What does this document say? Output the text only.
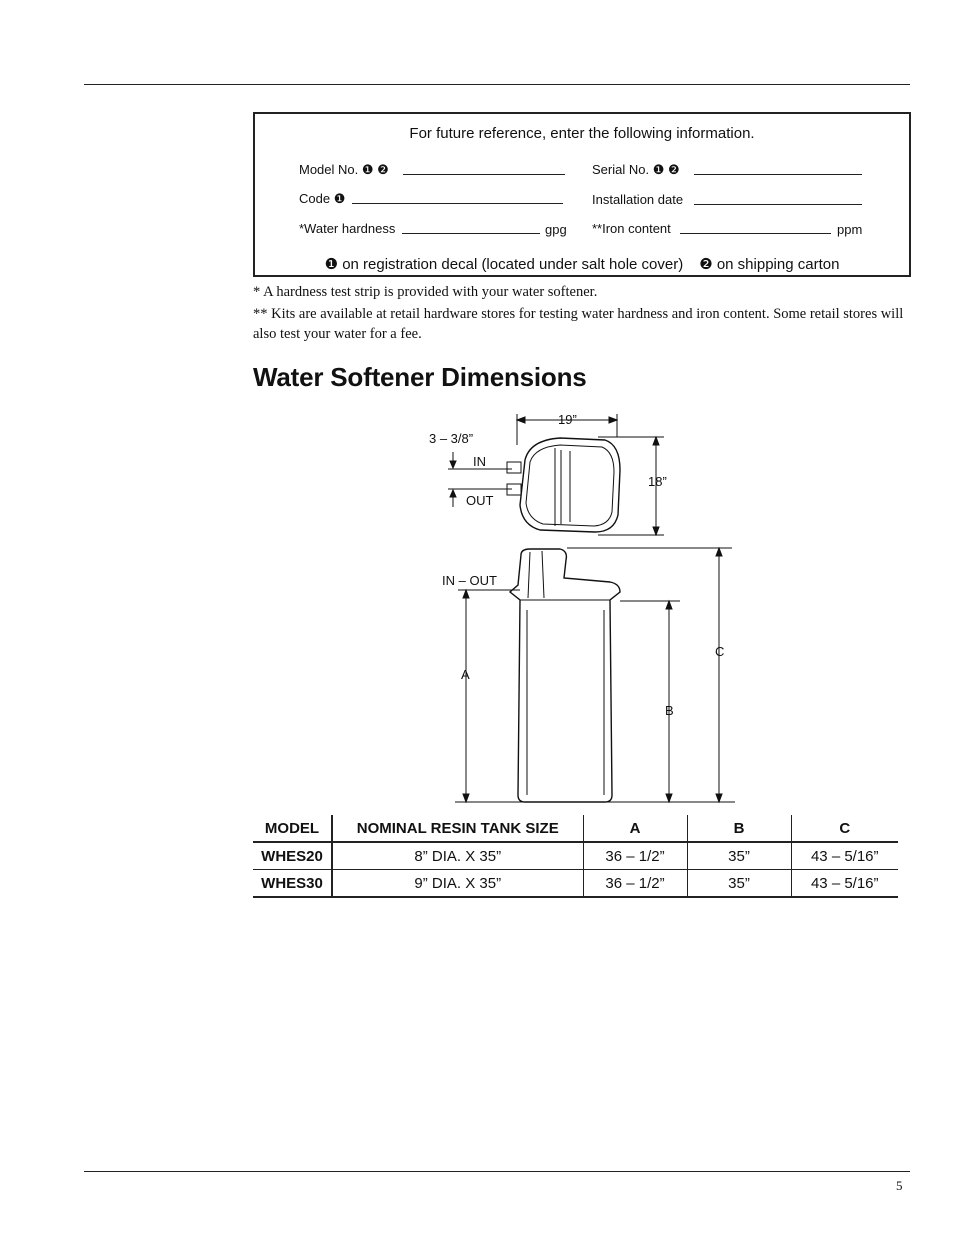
For future reference, enter the following information.
Model No. ❶ ❷	Serial No. ❶ ❷
Code ❶	Installation date
*Water hardness	gpg **Iron content	ppm
❶ on registration decal (located under salt hole cover) ❷ on shipping carton
* A hardness test strip is provided with your water softener.
** Kits are available at retail hardware stores for testing water hardness and iron content. Some retail stores will also test your water for a fee.
Water Softener Dimensions
19”
18”
3 – 3/8”
IN
OUT
IN – OUT
A
B
C
MODEL	NOMINAL RESIN TANK SIZE	A	B	C
WHES20	8” DIA. X 35”	36 – 1/2”	35”	43 – 5/16”
WHES30	9” DIA. X 35”	36 – 1/2”	35”	43 – 5/16”
5
